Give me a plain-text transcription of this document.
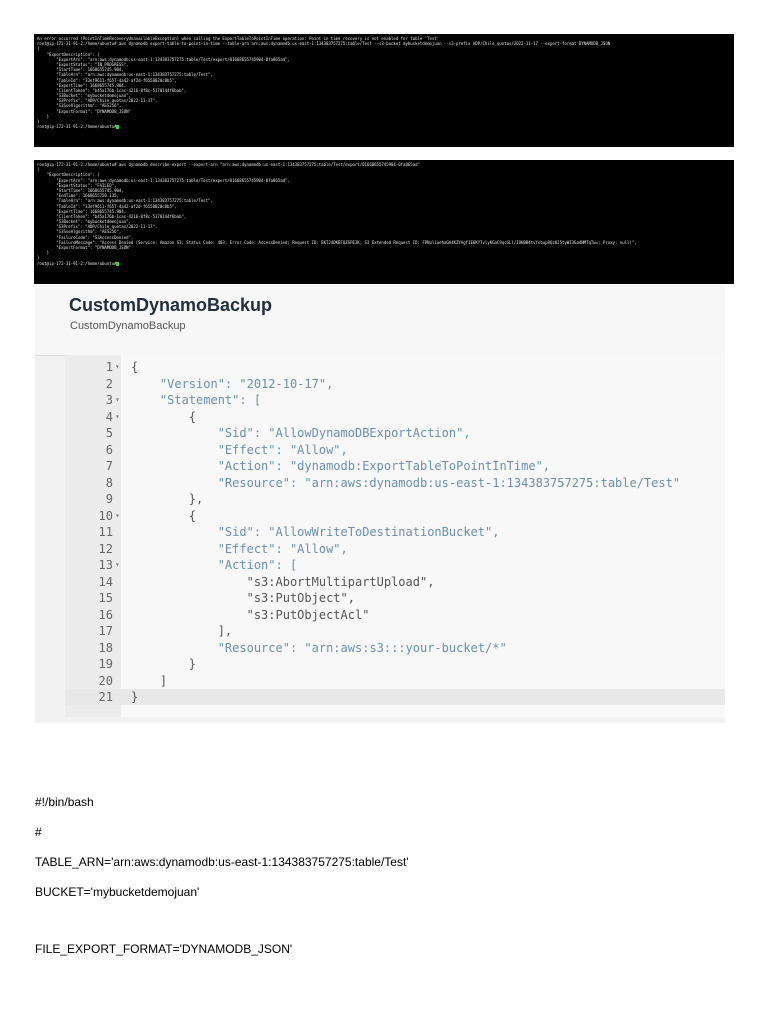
An error occurred (PointInTimeRecoveryUnavailableException) when calling the ExportTableToPointInTime operation: Point in time recovery is not enabled for table 'Test'
root@ip-172-31-91-2:/home/ubuntu# aws dynamodb export-table-to-point-in-time --table-arn arn:aws:dynamodb:us-east-1:134383757275:table/Test --s3-bucket mybucketdemojuan --s3-prefix ADP/Chile_quotas/2022-11-17 --export-format DYNAMODB_JSON
{
"ExportDescription": {
"ExportArn": "arn:aws:dynamodb:us-east-1:134383757275:table/Test/export/01668655745904-0fa865ad",
"ExportStatus": "IN_PROGRESS",
"StartTime": 1668655745.904,
"TableArn": "arn:aws:dynamodb:us-east-1:134383757275:table/Test",
"TableId": "33ef9611-f657-4a42-af2d-f6558020c8b5",
"ExportTime": 1668655745.904,
"ClientToken": "b45a176b-1cac-4216-8f8c-5170144f6bab",
"S3Bucket": "mybucketdemojuan",
"S3Prefix": "ADP/Chile_quotas/2022-11-17",
"S3SseAlgorithm": "AES256",
"ExportFormat": "DYNAMODB_JSON"
}
}
root@ip-172-31-91-2:/home/ubuntu#
root@ip-172-31-91-2:/home/ubuntu# aws dynamodb describe-export --export-arn "arn:aws:dynamodb:us-east-1:134383757275:table/Test/export/01668655745904-0fa865ad"
{
"ExportDescription": {
"ExportArn": "arn:aws:dynamodb:us-east-1:134383757275:table/Test/export/01668655745904-0fa865ad",
"ExportStatus": "FAILED",
"StartTime": 1668655745.904,
"EndTime": 1668655750.135,
"TableArn": "arn:aws:dynamodb:us-east-1:134383757275:table/Test",
"TableId": "33ef9611-f657-4a42-af2d-f6558020c8b5",
"ExportTime": 1668655745.904,
"ClientToken": "b45a176b-1cac-4216-8f8c-5170144f6bab",
"S3Bucket": "mybucketdemojuan",
"S3Prefix": "ADP/Chile_quotas/2022-11-17",
"S3SseAlgorithm": "AES256",
"FailureCode": "S3AccessDenied",
"FailureMessage": "Access Denied (Service: Amazon S3; Status Code: 403; Error Code: AccessDenied; Request ID: EKTJ4DKEFQZSPE3K; S3 Extended Request ID: FPNuliuehaGA4KZYAgf1E6KYTvlyKGaC9qcGLl/IOHBB4tvYvbup8Qz0J5tyWI3Ga4NMTqTw=; Proxy: null)",
"ExportFormat": "DYNAMODB_JSON"
}
}
root@ip-172-31-91-2:/home/ubuntu#
CustomDynamoBackup
CustomDynamoBackup
1 ▾ {
2 "Version": "2012-10-17",
3 ▾ "Statement": [
4 ▾ {
5 "Sid": "AllowDynamoDBExportAction",
6 "Effect": "Allow",
7 "Action": "dynamodb:ExportTableToPointInTime",
8 "Resource": "arn:aws:dynamodb:us-east-1:134383757275:table/Test"
9 },
10 ▾ {
11 "Sid": "AllowWriteToDestinationBucket",
12 "Effect": "Allow",
13 ▾ "Action": [
14 "s3:AbortMultipartUpload",
15 "s3:PutObject",
16 "s3:PutObjectAcl"
17 ],
18 "Resource": "arn:aws:s3:::your-bucket/*"
19 }
20 ]
21 }
#!/bin/bash
#
TABLE_ARN='arn:aws:dynamodb:us-east-1:134383757275:table/Test'
BUCKET='mybucketdemojuan'
FILE_EXPORT_FORMAT='DYNAMODB_JSON'
